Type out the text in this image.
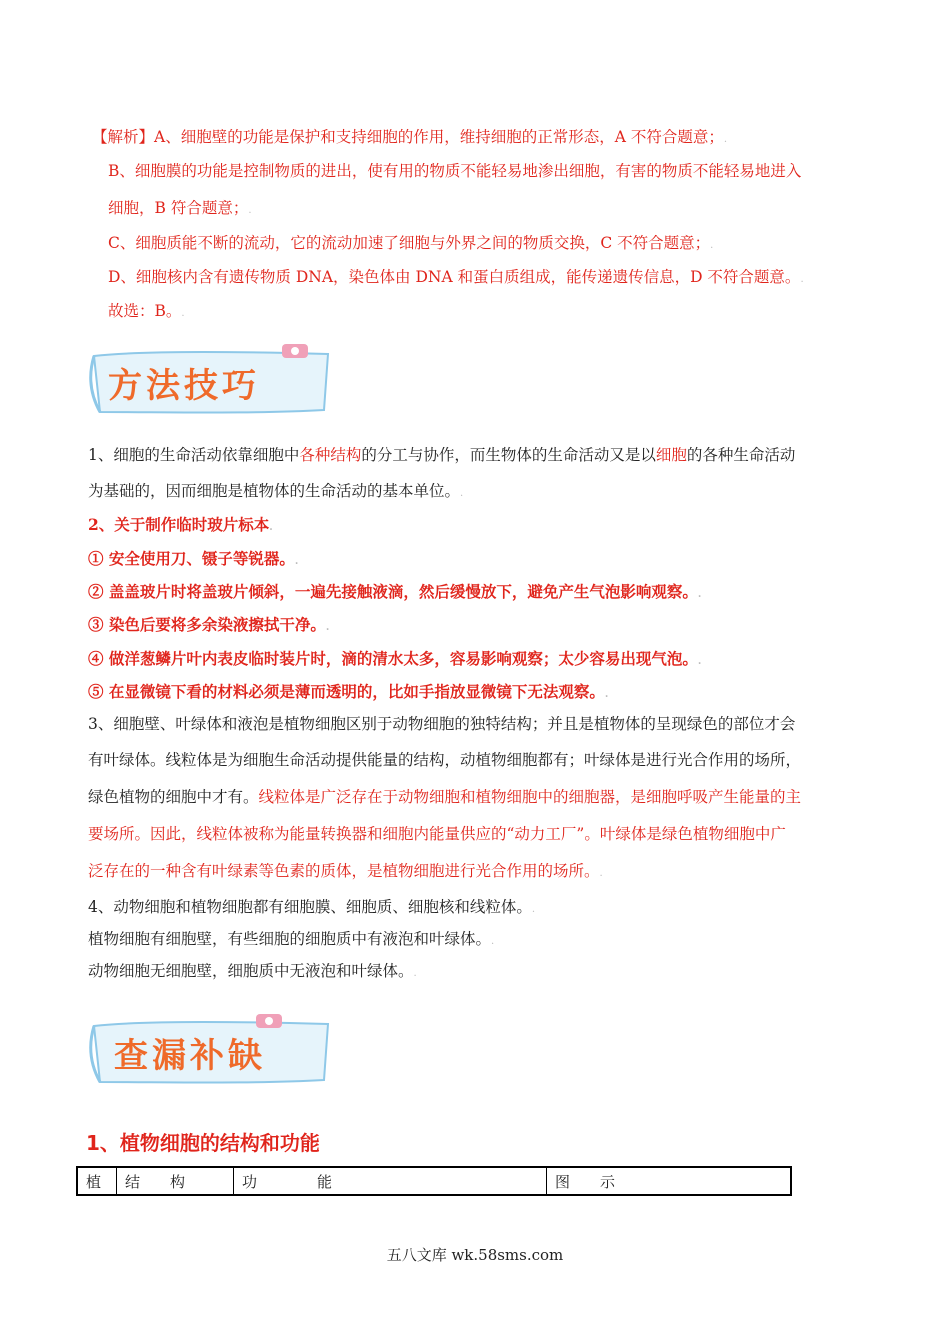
【解析】A、细胞壁的功能是保护和支持细胞的作用，维持细胞的正常形态，A 不符合题意；.
B、细胞膜的功能是控制物质的进出，使有用的物质不能轻易地渗出细胞，有害的物质不能轻易地进入
细胞，B 符合题意；.
C、细胞质能不断的流动，它的流动加速了细胞与外界之间的物质交换，C 不符合题意；.
D、细胞核内含有遗传物质 DNA，染色体由 DNA 和蛋白质组成，能传递遗传信息，D 不符合题意。.
故选：B。.
方法技巧
1、细胞的生命活动依靠细胞中各种结构的分工与协作，而生物体的生命活动又是以细胞的各种生命活动
为基础的，因而细胞是植物体的生命活动的基本单位。.
2、关于制作临时玻片标本.
① 安全使用刀、镊子等锐器。.
② 盖盖玻片时将盖玻片倾斜，一遍先接触液滴，然后缓慢放下，避免产生气泡影响观察。.
③ 染色后要将多余染液擦拭干净。.
④ 做洋葱鳞片叶内表皮临时装片时，滴的清水太多，容易影响观察；太少容易出现气泡。.
⑤ 在显微镜下看的材料必须是薄而透明的，比如手指放显微镜下无法观察。.
3、细胞壁、叶绿体和液泡是植物细胞区别于动物细胞的独特结构；并且是植物体的呈现绿色的部位才会
有叶绿体。线粒体是为细胞生命活动提供能量的结构，动植物细胞都有；叶绿体是进行光合作用的场所，
绿色植物的细胞中才有。线粒体是广泛存在于动物细胞和植物细胞中的细胞器，是细胞呼吸产生能量的主
要场所。因此，线粒体被称为能量转换器和细胞内能量供应的“动力工厂”。叶绿体是绿色植物细胞中广
泛存在的一种含有叶绿素等色素的质体，是植物细胞进行光合作用的场所。.
4、动物细胞和植物细胞都有细胞膜、细胞质、细胞核和线粒体。.
植物细胞有细胞壁，有些细胞的细胞质中有液泡和叶绿体。.
动物细胞无细胞壁，细胞质中无液泡和叶绿体。.
查漏补缺
1、植物细胞的结构和功能
植	结　　构	功　　　　能	图　　示
五八文库 wk.58sms.com
